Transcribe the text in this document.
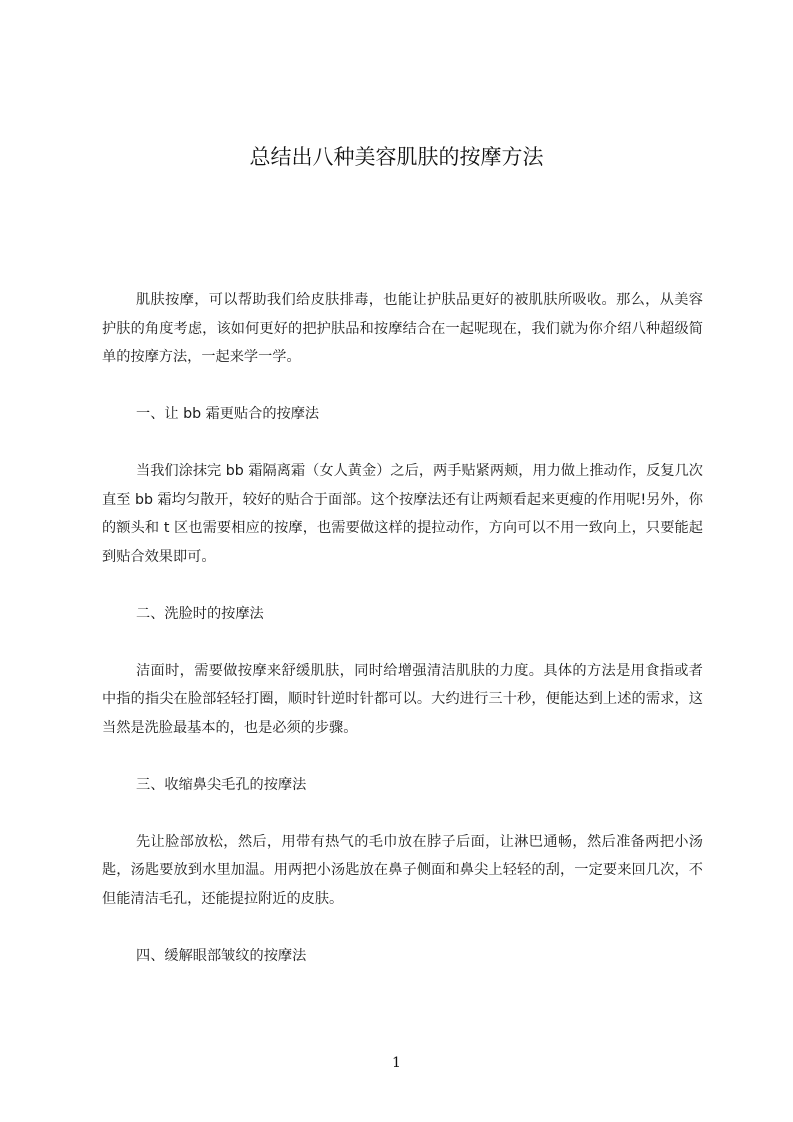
总结出八种美容肌肤的按摩方法

肌肤按摩，可以帮助我们给皮肤排毒，也能让护肤品更好的被肌肤所吸收。那么，从美容护肤的角度考虑，该如何更好的把护肤品和按摩结合在一起呢现在，我们就为你介绍八种超级简单的按摩方法，一起来学一学。

一、让 bb 霜更贴合的按摩法

当我们涂抹完 bb 霜隔离霜（女人黄金）之后，两手贴紧两颊，用力做上推动作，反复几次直至 bb 霜均匀散开，较好的贴合于面部。这个按摩法还有让两颊看起来更瘦的作用呢!另外，你的额头和 t 区也需要相应的按摩，也需要做这样的提拉动作，方向可以不用一致向上，只要能起到贴合效果即可。

二、洗脸时的按摩法

洁面时，需要做按摩来舒缓肌肤，同时给增强清洁肌肤的力度。具体的方法是用食指或者中指的指尖在脸部轻轻打圈，顺时针逆时针都可以。大约进行三十秒，便能达到上述的需求，这当然是洗脸最基本的，也是必须的步骤。

三、收缩鼻尖毛孔的按摩法

先让脸部放松，然后，用带有热气的毛巾放在脖子后面，让淋巴通畅，然后准备两把小汤匙，汤匙要放到水里加温。用两把小汤匙放在鼻子侧面和鼻尖上轻轻的刮，一定要来回几次，不但能清洁毛孔，还能提拉附近的皮肤。

四、缓解眼部皱纹的按摩法

1
